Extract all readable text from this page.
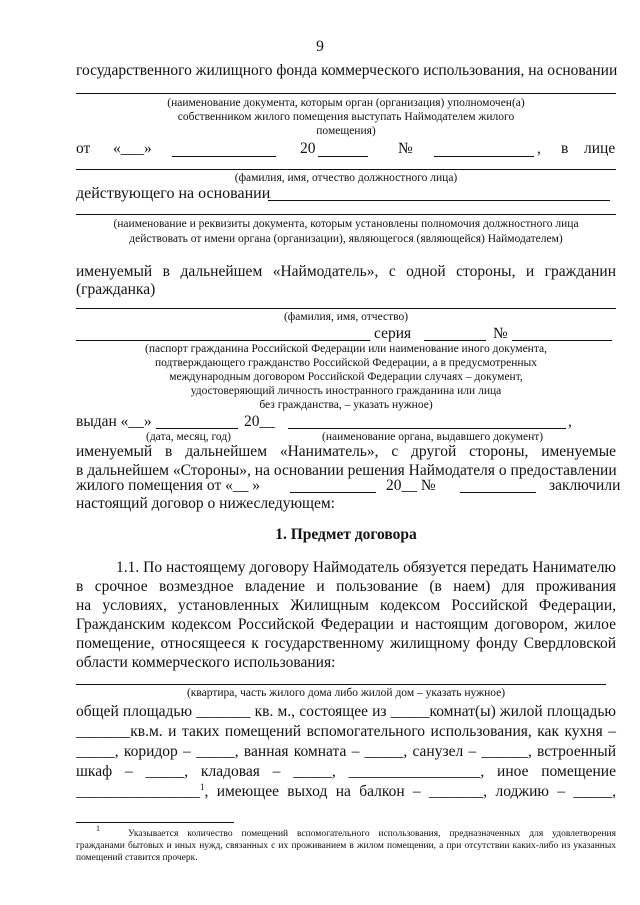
9
государственного жилищного фонда коммерческого использования, на основании
(наименование документа, которым орган (организация) уполномочен(а)
собственником жилого помещения выступать Наймодателем жилого
помещения)
от «___»	20	№	, в лице
(фамилия, имя, отчество должностного лица)
действующего на основании
(наименование и реквизиты документа, которым установлены полномочия должностного лица
действовать от имени органа (организации), являющегося (являющейся) Наймодателем)
именуемый в дальнейшем «Наймодатель», с одной стороны, и гражданин
(гражданка)
(фамилия, имя, отчество)
серия	№
(паспорт гражданина Российской Федерации или наименование иного документа,
подтверждающего гражданство Российской Федерации, а в предусмотренных
международным договором Российской Федерации случаях – документ,
удостоверяющий личность иностранного гражданина или лица
без гражданства, – указать нужное)
выдан «__»	20__	,
(дата, месяц, год)	(наименование органа, выдавшего документ)
именуемый в дальнейшем «Наниматель», с другой стороны, именуемые
в дальнейшем «Стороны», на основании решения Наймодателя о предоставлении
жилого помещения от «__ »	20__ №	заключили
настоящий договор о нижеследующем:
1. Предмет договора
1.1. По настоящему договору Наймодатель обязуется передать Нанимателю
в срочное возмездное владение и пользование (в наем) для проживания
на условиях, установленных Жилищным кодексом Российской Федерации,
Гражданским кодексом Российской Федерации и настоящим договором, жилое
помещение, относящееся к государственному жилищному фонду Свердловской
области коммерческого использования:
(квартира, часть жилого дома либо жилой дом – указать нужное)
общей площадью _______ кв. м., состоящее из _____комнат(ы) жилой площадью
_______кв.м. и таких помещений вспомогательного использования, как кухня –
_____, коридор – _____, ванная комната – _____, санузел – ______, встроенный
шкаф – _____, кладовая – _____, _________________, иное помещение
________________$^1$, имеющее выход на балкон – _______, лоджию – _____,
1
Указывается количество помещений вспомогательного использования, предназначенных для удовлетворения гражданами бытовых и иных нужд, связанных с их проживанием в жилом помещении, а при отсутствии каких-либо из указанных помещений ставится прочерк.
